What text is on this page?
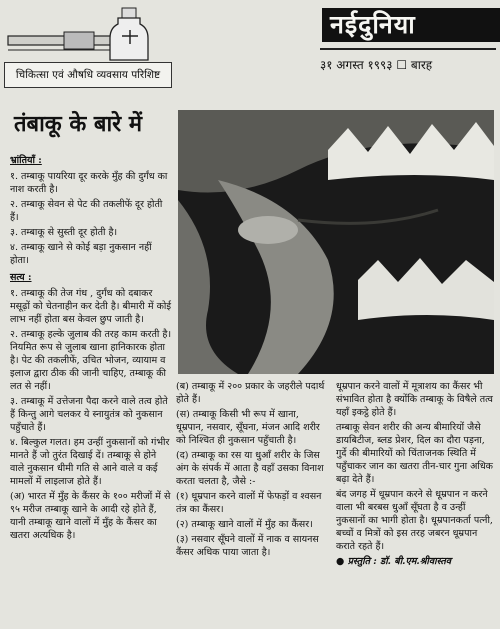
नईदुनिया
३१ अगस्त १९९३ ☐ बारह
चिकित्सा एवं औषधि व्यवसाय परिशिष्ट
तंबाकू के बारे में
भ्रांतियाँ :

१. तम्बाकू पायरिया दूर करके मुँह की दुर्गंध का नाश करती है।

२. तम्बाकू सेवन से पेट की तकलीफें दूर होती हैं।

३. तम्बाकू से सुस्ती दूर होती है।

४. तम्बाकू खाने से कोई बड़ा नुकसान नहीं होता।

सत्य :

१. तम्बाकू की तेज गंध , दुर्गंध को दबाकर मसूढ़ों को चेतनाहीन कर देती है। बीमारी में कोई लाभ नहीं होता बस केवल छुप जाती है।

२. तम्बाकू हल्के जुलाब की तरह काम करती है। नियमित रूप से जुलाब खाना हानिकारक होता है। पेट की तकलीफें, उचित भोजन, व्यायाम व इलाज द्वारा ठीक की जानी चाहिए, तम्बाकू की लत से नहीं।

३. तम्बाकू में उत्तेजना पैदा करने वाले तत्व होते हैं किन्तु आगे चलकर ये स्नायुतंत्र को नुकसान पहुँचाते हैं।

४. बिल्कुल गलत। हम उन्हीं नुकसानों को गंभीर मानते हैं जो तुरंत दिखाई दें। तम्बाकू से होने वाले नुकसान धीमी गति से आने वाले व कई मामलों में लाइलाज होते हैं।

(अ) भारत में मुँह के कैंसर के १०० मरीजों में से ९५ मरीज तम्बाकू खाने के आदी रहे होते हैं, यानी तम्बाकू खाने वालों में मुँह के कैंसर का खतरा अत्यधिक है।

(ब) तम्बाकू में २०० प्रकार के जहरीले पदार्थ होते हैं।

(स) तम्बाकू किसी भी रूप में खाना, धूम्रपान, नसवार, सूँघना, मंजन आदि शरीर को निश्चित ही नुकसान पहुँचाती है।

(द) तम्बाकू का रस या धुआँ शरीर के जिस अंग के संपर्क में आता है वहाँ उसका विनाश करता चलता है, जैसे :-

(१) धूम्रपान करने वालों में फेफड़ों व श्वसन तंत्र का कैंसर।

(२) तम्बाकू खाने वालों में मुँह का कैंसर।

(३) नसवार सूँघने वालों में नाक व सायनस कैंसर अधिक पाया जाता है।

धूम्रपान करने वालों में मूत्राशय का कैंसर भी संभावित होता है क्योंकि तम्बाकू के विषैले तत्व यहाँ इकट्ठे होते हैं।

तम्बाकू सेवन शरीर की अन्य बीमारियों जैसे डायबिटीज, ब्लड प्रेशर, दिल का दौरा पड़ना, गुर्दे की बीमारियों को चिंताजनक स्थिति में पहुँचाकर जान का खतरा तीन-चार गुना अधिक बढ़ा देते हैं।

बंद जगह में धूम्रपान करने से धूम्रपान न करने वाला भी बरबस धुआँ सूँघता है व उन्हीं नुकसानों का भागी होता है। धूम्रपानकर्ता पत्नी, बच्चों व मित्रों को इस तरह जबरन धूम्रपान कराते रहते हैं।

● प्रस्तुति : डॉ. बी.एम.श्रीवास्तव
